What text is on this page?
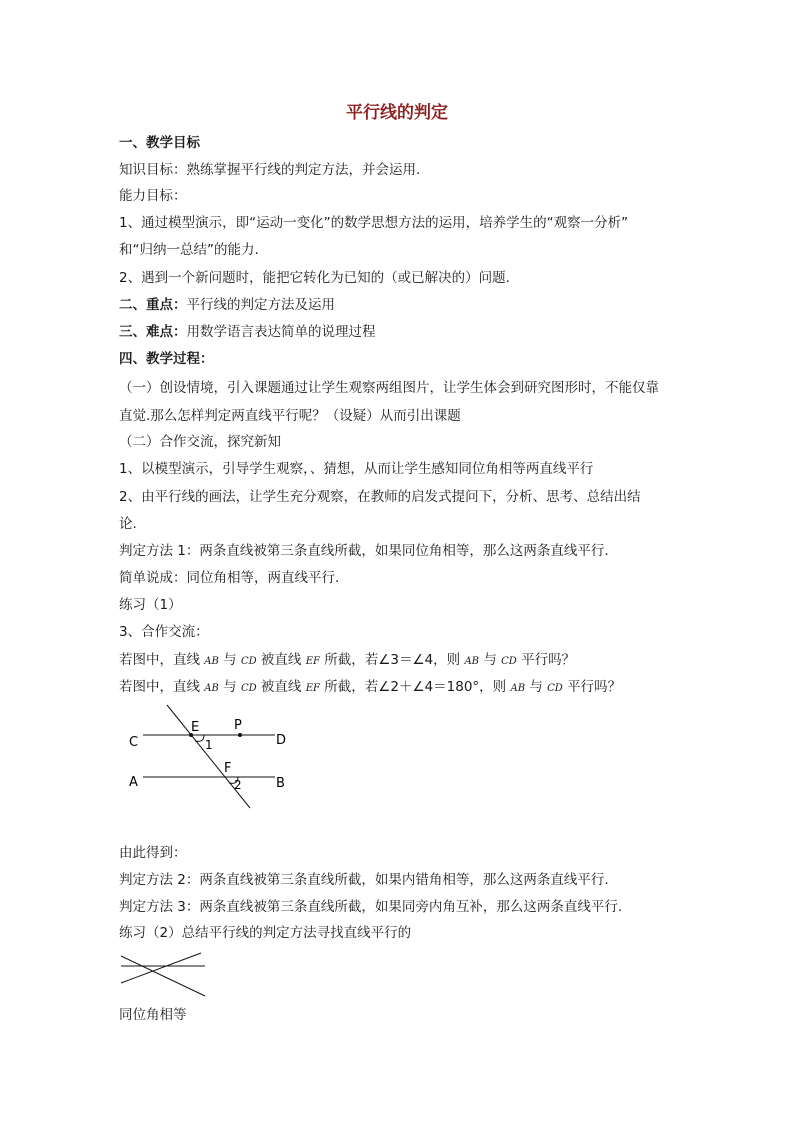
平行线的判定
一、教学目标
知识目标：熟练掌握平行线的判定方法，并会运用.
能力目标：
1、通过模型演示，即“运动一变化”的数学思想方法的运用，培养学生的“观察一分析”
和“归纳一总结”的能力.
2、遇到一个新问题时，能把它转化为已知的（或已解决的）问题.
二、重点：平行线的判定方法及运用
三、难点：用数学语言表达简单的说理过程
四、教学过程：
（一）创设情境，引入课题通过让学生观察两组图片，让学生体会到研究图形时，不能仅靠
直觉.那么怎样判定两直线平行呢？（设疑）从而引出课题
（二）合作交流，探究新知
1、以模型演示，引导学生观察，、猜想，从而让学生感知同位角相等两直线平行
2、由平行线的画法，让学生充分观察，在教师的启发式提问下，分析、思考、总结出结
论.
判定方法 1：两条直线被第三条直线所截，如果同位角相等，那么这两条直线平行.
简单说成：同位角相等，两直线平行.
练习（1）
3、合作交流：
若图中，直线 AB 与 CD 被直线 EF 所截，若∠3＝∠4，则 AB 与 CD 平行吗？
若图中，直线 AB 与 CD 被直线 EF 所截，若∠2＋∠4＝180°，则 AB 与 CD 平行吗？
C	D
A	B
E	P
F
1
2
由此得到：
判定方法 2：两条直线被第三条直线所截，如果内错角相等，那么这两条直线平行.
判定方法 3：两条直线被第三条直线所截，如果同旁内角互补，那么这两条直线平行.
练习（2）总结平行线的判定方法寻找直线平行的
同位角相等
